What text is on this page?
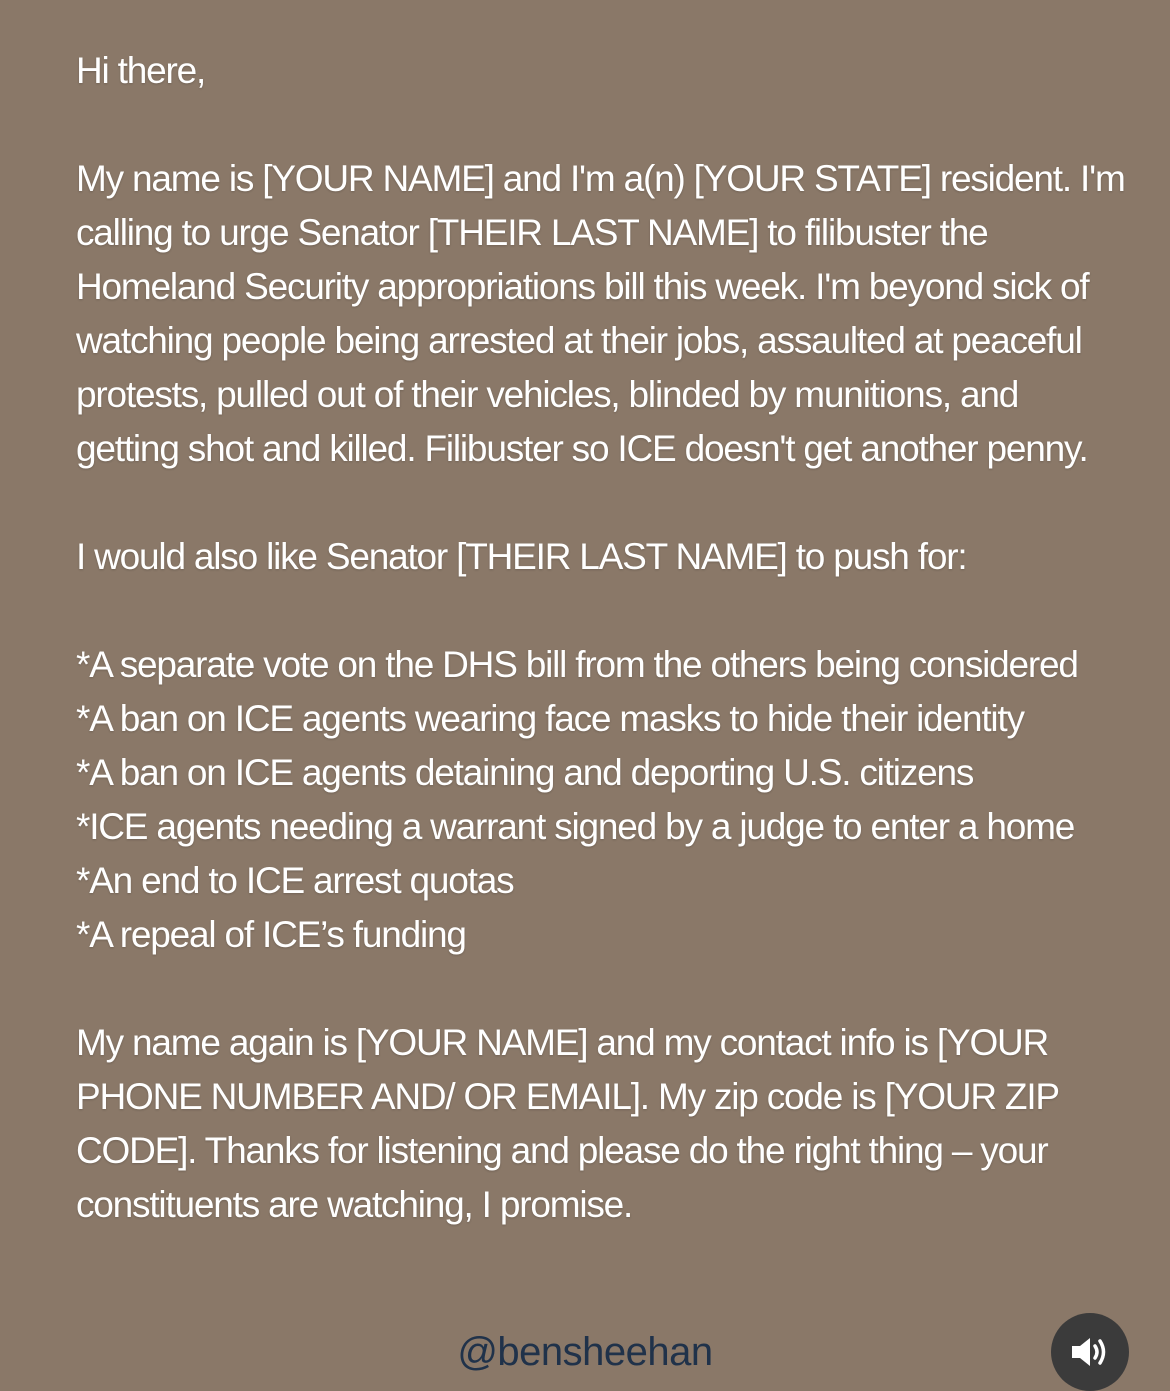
Hi there,
My name is [YOUR NAME] and I'm a(n) [YOUR STATE] resident. I'm calling to urge Senator [THEIR LAST NAME] to filibuster the Homeland Security appropriations bill this week. I'm beyond sick of watching people being arrested at their jobs, assaulted at peaceful protests, pulled out of their vehicles, blinded by munitions, and getting shot and killed. Filibuster so ICE doesn't get another penny.
I would also like Senator [THEIR LAST NAME] to push for:
*A separate vote on the DHS bill from the others being considered
*A ban on ICE agents wearing face masks to hide their identity
*A ban on ICE agents detaining and deporting U.S. citizens
*ICE agents needing a warrant signed by a judge to enter a home
*An end to ICE arrest quotas
*A repeal of ICE’s funding
My name again is [YOUR NAME] and my contact info is [YOUR PHONE NUMBER AND/ OR EMAIL]. My zip code is [YOUR ZIP CODE]. Thanks for listening and please do the right thing – your constituents are watching, I promise.
@bensheehan
